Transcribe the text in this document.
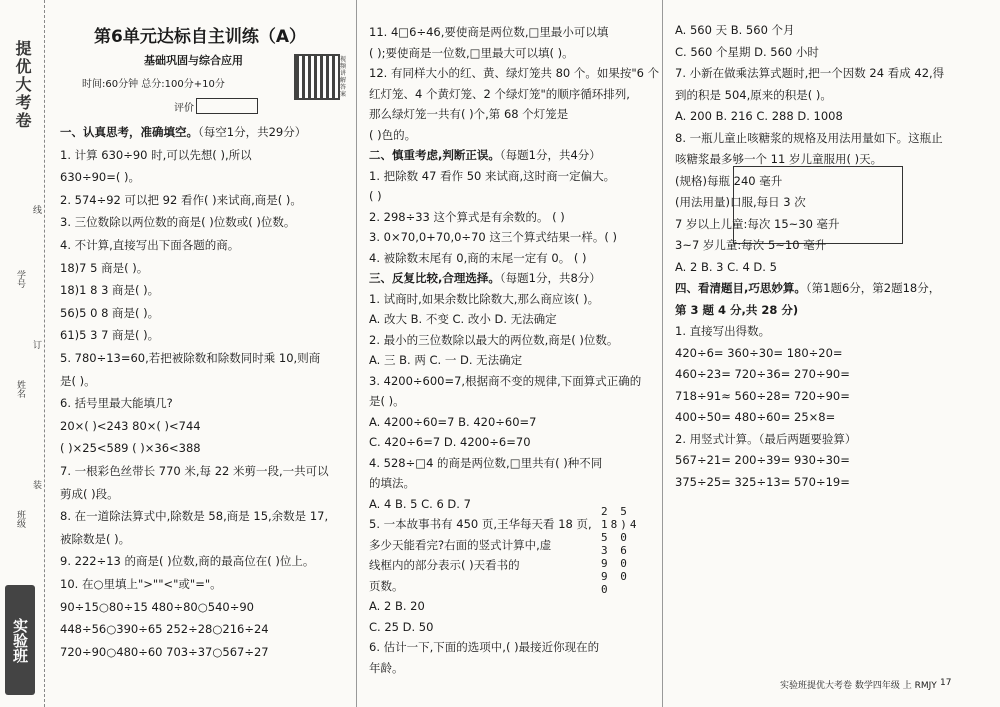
提优大考卷
学号
姓名
班级
线
订
装
实验班
第6单元达标自主训练（A）
基础巩固与综合应用
时间:60分钟 总分:100分+10分
评价
视频讲解答案
一、认真思考，准确填空。（每空1分，共29分）
1. 计算 630÷90 时,可以先想( ),所以
630÷90=( )。
2. 574÷92 可以把 92 看作( )来试商,商是( )。
3. 三位数除以两位数的商是( )位数或( )位数。
4. 不计算,直接写出下面各题的商。
18)7 5 商是( )。
18)1 8 3 商是( )。
56)5 0 8 商是( )。
61)5 3 7 商是( )。
5. 780÷13=60,若把被除数和除数同时乘 10,则商
是( )。
6. 括号里最大能填几?
20×( )<243 80×( )<744
( )×25<589 ( )×36<388
7. 一根彩色丝带长 770 米,每 22 米剪一段,一共可以
剪成( )段。
8. 在一道除法算式中,除数是 58,商是 15,余数是 17,
被除数是( )。
9. 222÷13 的商是( )位数,商的最高位在( )位上。
10. 在○里填上">""<"或"="。
90÷15○80÷15 480÷80○540÷90
448÷56○390÷65 252÷28○216÷24
720÷90○480÷60 703÷37○567÷27
11. 4□6÷46,要使商是两位数,□里最小可以填
( );要使商是一位数,□里最大可以填( )。
12. 有同样大小的红、黄、绿灯笼共 80 个。如果按"6 个
红灯笼、4 个黄灯笼、2 个绿灯笼"的顺序循环排列,
那么绿灯笼一共有( )个,第 68 个灯笼是
( )色的。
二、慎重考虑,判断正误。（每题1分，共4分）
1. 把除数 47 看作 50 来试商,这时商一定偏大。
( )
2. 298÷33 这个算式是有余数的。 ( )
3. 0×70,0+70,0÷70 这三个算式结果一样。( )
4. 被除数末尾有 0,商的末尾一定有 0。 ( )
三、反复比较,合理选择。（每题1分，共8分）
1. 试商时,如果余数比除数大,那么商应该( )。
A. 改大 B. 不变 C. 改小 D. 无法确定
2. 最小的三位数除以最大的两位数,商是( )位数。
A. 三 B. 两 C. 一 D. 无法确定
3. 4200÷600=7,根据商不变的规律,下面算式正确的
是( )。
A. 4200÷60=7 B. 420÷60=7
C. 420÷6=7 D. 4200÷6=70
4. 528÷□4 的商是两位数,□里共有( )种不同
的填法。
A. 4 B. 5 C. 6 D. 7
5. 一本故事书有 450 页,王华每天看 18 页,
多少天能看完?右面的竖式计算中,虚
线框内的部分表示( )天看书的
页数。
A. 2 B. 20
C. 25 D. 50
6. 估计一下,下面的选项中,( )最接近你现在的
年龄。
2 5
18)4 5 0
3 6
9 0
9 0
0
A. 560 天 B. 560 个月
C. 560 个星期 D. 560 小时
7. 小新在做乘法算式题时,把一个因数 24 看成 42,得
到的积是 504,原来的积是( )。
A. 200 B. 216 C. 288 D. 1008
8. 一瓶儿童止咳糖浆的规格及用法用量如下。这瓶止
咳糖浆最多够一个 11 岁儿童服用( )天。
(规格)每瓶 240 毫升
(用法用量)口服,每日 3 次
7 岁以上儿童:每次 15~30 毫升
3~7 岁儿童:每次 5~10 毫升
A. 2 B. 3 C. 4 D. 5
四、看清题目,巧思妙算。（第1题6分，第2题18分，
第 3 题 4 分,共 28 分)
1. 直接写出得数。
420÷6= 360÷30= 180÷20=
460÷23= 720÷36= 270÷90=
718÷91≈ 560÷28= 720÷90=
400÷50= 480÷60= 25×8=
2. 用竖式计算。（最后两题要验算）
567÷21= 200÷39= 930÷30=
375÷25= 325÷13= 570÷19=
实验班提优大考卷 数学四年级 上 RMJY 17
